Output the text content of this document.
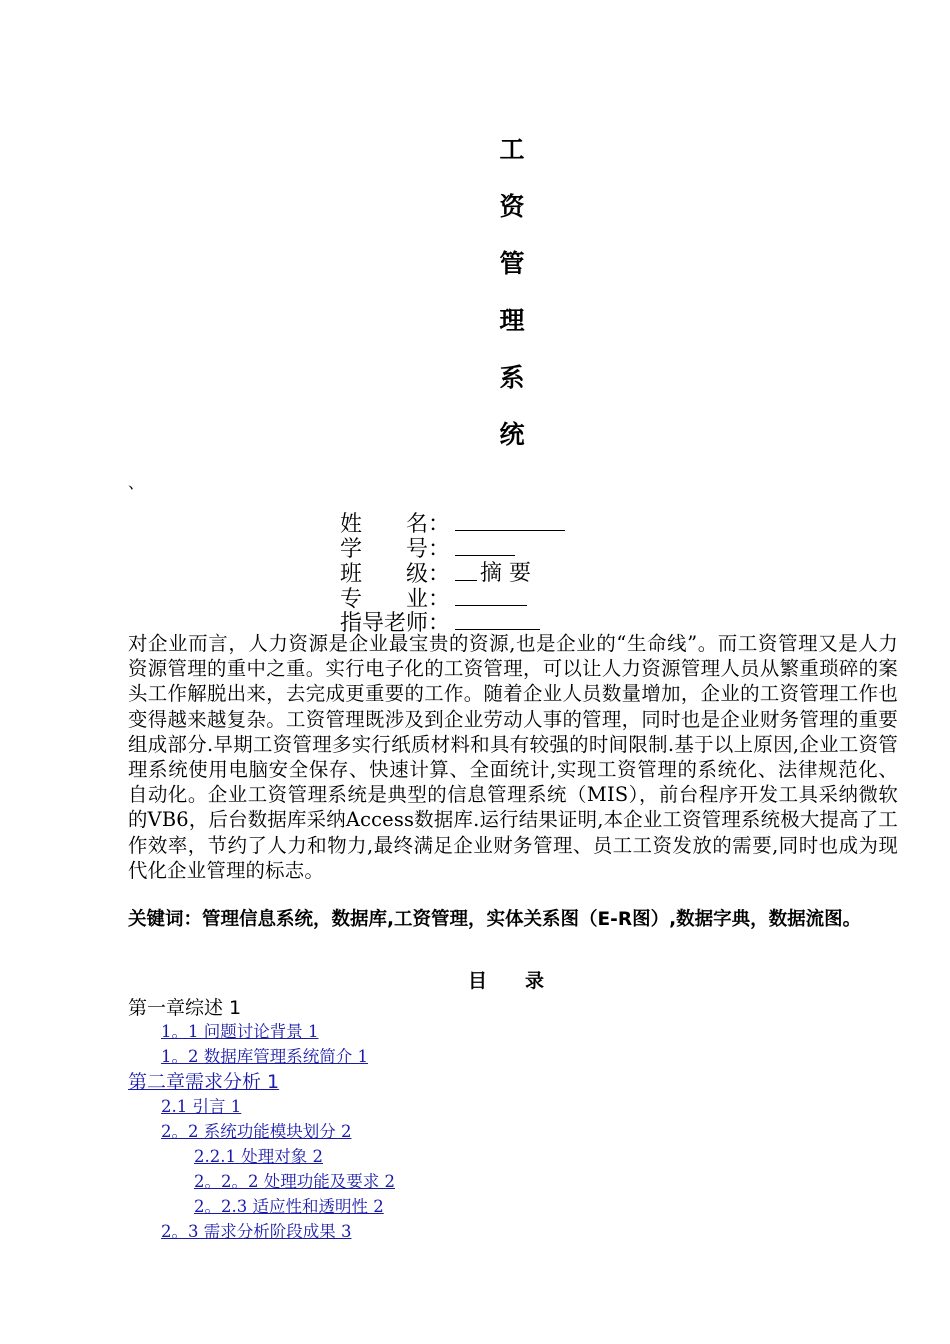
工
资
管
理
系
统
、
姓　　名：
学　　号：
班　　级： 摘 要
专　　业：
指导老师：
对企业而言，人力资源是企业最宝贵的资源,也是企业的“生命线”。而工资管理又是人力资源管理的重中之重。实行电子化的工资管理，可以让人力资源管理人员从繁重琐碎的案头工作解脱出来，去完成更重要的工作。随着企业人员数量增加，企业的工资管理工作也变得越来越复杂。工资管理既涉及到企业劳动人事的管理，同时也是企业财务管理的重要组成部分.早期工资管理多实行纸质材料和具有较强的时间限制.基于以上原因,企业工资管理系统使用电脑安全保存、快速计算、全面统计,实现工资管理的系统化、法律规范化、自动化。企业工资管理系统是典型的信息管理系统（MIS），前台程序开发工具采纳微软的VB6，后台数据库采纳Access数据库.运行结果证明,本企业工资管理系统极大提高了工作效率，节约了人力和物力,最终满足企业财务管理、员工工资发放的需要,同时也成为现代化企业管理的标志。
关键词：管理信息系统，数据库,工资管理，实体关系图（E-R图）,数据字典，数据流图。
目　　录
第一章综述 1
1。1 问题讨论背景 1
1。2 数据库管理系统简介 1
第二章需求分析 1
2.1 引言 1
2。2 系统功能模块划分 2
2.2.1 处理对象 2
2。2。2 处理功能及要求 2
2。2.3 适应性和透明性 2
2。3 需求分析阶段成果 3
